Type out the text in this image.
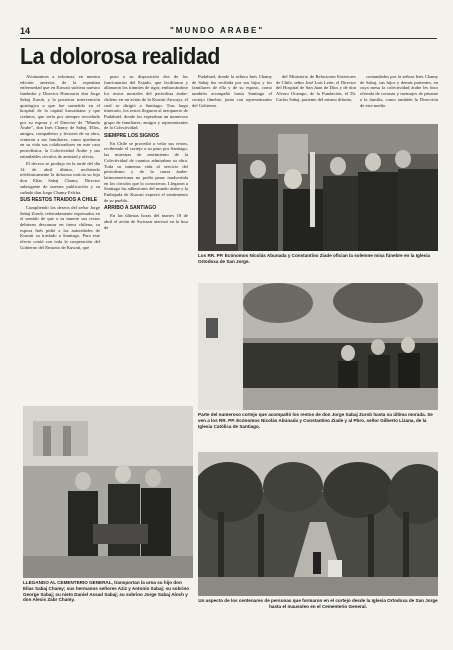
14	"MUNDO ARABE"
La dolorosa realidad

Alcanzamos a informar, en nuestra edición anterior, de la repentina enfermedad que en Kuwait sufriera nuestro fundador y Director Honorario don Jorge Sabaj Zurob, y la posterior intervención quirúrgica a que fue sometido en el hospital de la capital kuwaitiana y que creímos, que sería por siempre recordado por su esposa y el Director de "Mundo Árabe", don Inés Chamy de Sabaj. Ellos, amigos, compañeros y lectores de su obra, vinieron a sus familiares, como quedaron en su vida sus colaboradores en este casa periodística, la Colectividad Árabe y sus entrañables círculos de amistad y afecto,

El deceso se produjo en la tarde del día 14 de abril último, recibiendo telefónicamente la dolorosa noticia su hija don Elias Sabaj Chamy, Director subrogante de nuestra publicación y su cuñado don Jorge Chamy Falcha.

SUS RESTOS TRAIDOS A CHILE

Cumpliendo los deseos del señor Jorge Sabaj Zurob, reiteradamente expresados en el sentido de que a su muerte sus restos debieran descansar en tierra chilena, su esposa Inés pidió a las autoridades de Kuwait su traslado a Santiago. Para este efecto contó con toda la cooperación del Gobierno del Emirato de Kuwait, que

puso a su disposición dos de los funcionarios del Estado, que facilitaron y allanaron los trámites de rigor, embarcándose los restos mortales del periodista árabe-chileno en un avión de la Kuwait Airways, el cual se dirigió a Santiago. Tras largo itinerario, los restos llegaron al aeropuerto de Pudahuel, donde los esperaban un numeroso grupo de familiares, amigos y representantes de la Colectividad.

SIEMPRE LOS SIGNOS

En Chile se procedió a velar sus restos, recibiendo el cortejo a su paso por Santiago, las muestras de sentimiento de la Colectividad de cuantos admiraban su obra. Toda su inmensa vida al servicio del periodismo y de la causa árabe-latinoamericana no podía pasar inadvertida en los círculos que lo conocieron. Llegaron a Santiago las adhesiones del mundo árabe y la Embajada de Kuwait expresó el sentimiento de su pueblo.

ARRIBO A SANTIAGO

En las últimas horas del martes 18 de abril el avión de Swissair aterrizó en la losa de

Pudahuel, donde la señora Inés Chamy de Sabaj fue recibida por sus hijos y los familiares de ella y de su esposo, como también acompañó hasta Santiago el cortejo fúnebre, junto con representantes del Gobierno.

del Ministerio de Relaciones Exteriores de Chile, señor José Luis León; el Director del Hospital de San Juan de Dios y de don Alvaro Ocampo, de la Fundación, el Dr. Carlos Sabaj, pariente del mismo difunto,

comandados por la señora Inés Chamy de Sabaj, sus hijos y demás parientes, en cuya mesa la colectividad árabe les hizo ofrenda de coronas y mensajes de pésame a la familia, como también la Dirección de este medio.

Los RR. PP. Ecónomos Nicolás Abunada y Constantino Ziade ofician la solemne misa fúnebre en la Iglesia Ortodoxa de San Jorge.
Parte del numeroso cortejo que acompañó los restos de don Jorge Sabaj Zurob hasta su última morada. Se ven a los RR. PP. Ecónomos Nicolás Abunada y Constantino Ziade y al Pbro. señor Gilberto Lizana, de la Iglesia Católica de Santiago.
LLEGANDO AL CEMENTERIO GENERAL, transportan la urna su hijo don Elías Sabaj Chamy; sus hermanos señores Aziz y Antonio Sabaj; su sobrino George Sabaj; su nieto Daniel Assad Sabaj; su sobrino Jorge Sabaj Aloch y don Alexis Zabr Chamy.	Un aspecto de los centenares de personas que formaron en el cortejo desde la Iglesia Ortodoxa de San Jorge hasta el mausoleo en el Cementerio General.
